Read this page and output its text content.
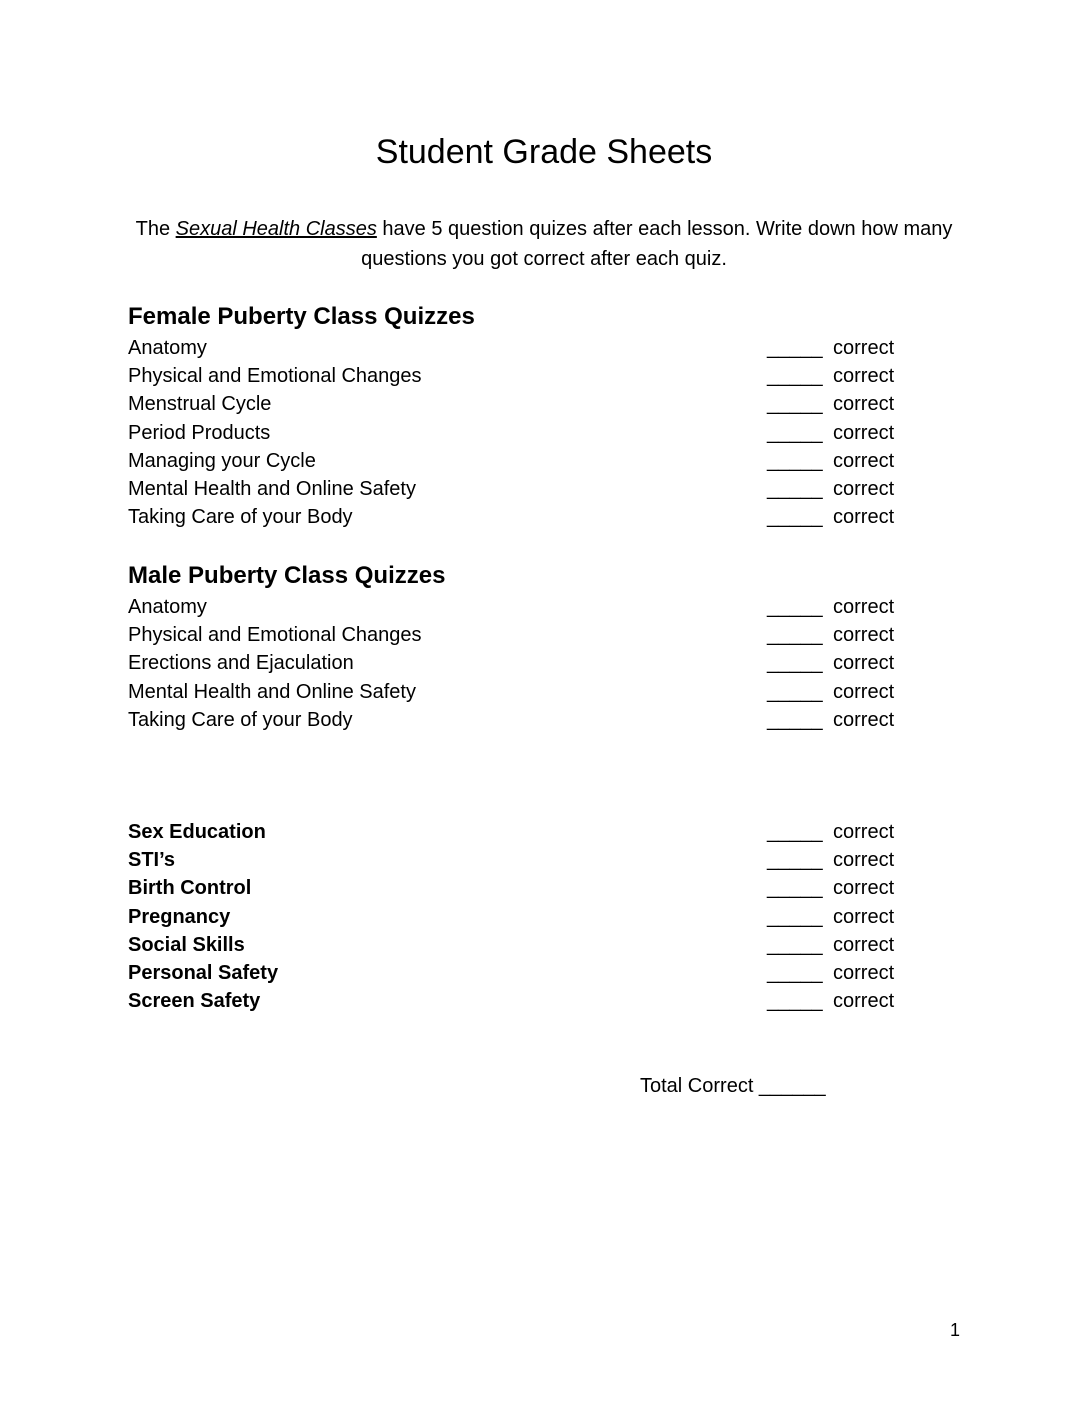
Student Grade Sheets
The Sexual Health Classes have 5 question quizes after each lesson. Write down how many questions you got correct after each quiz.
Female Puberty Class Quizzes
Anatomy	_____ correct
Physical and Emotional Changes	_____ correct
Menstrual Cycle	_____ correct
Period Products	_____ correct
Managing your Cycle	_____ correct
Mental Health and Online Safety	_____ correct
Taking Care of your Body	_____ correct
Male Puberty Class Quizzes
Anatomy	_____ correct
Physical and Emotional Changes	_____ correct
Erections and Ejaculation	_____ correct
Mental Health and Online Safety	_____ correct
Taking Care of your Body	_____ correct
Sex Education	_____ correct
STI’s	_____ correct
Birth Control	_____ correct
Pregnancy	_____ correct
Social Skills	_____ correct
Personal Safety	_____ correct
Screen Safety	_____ correct
Total Correct ______
1
